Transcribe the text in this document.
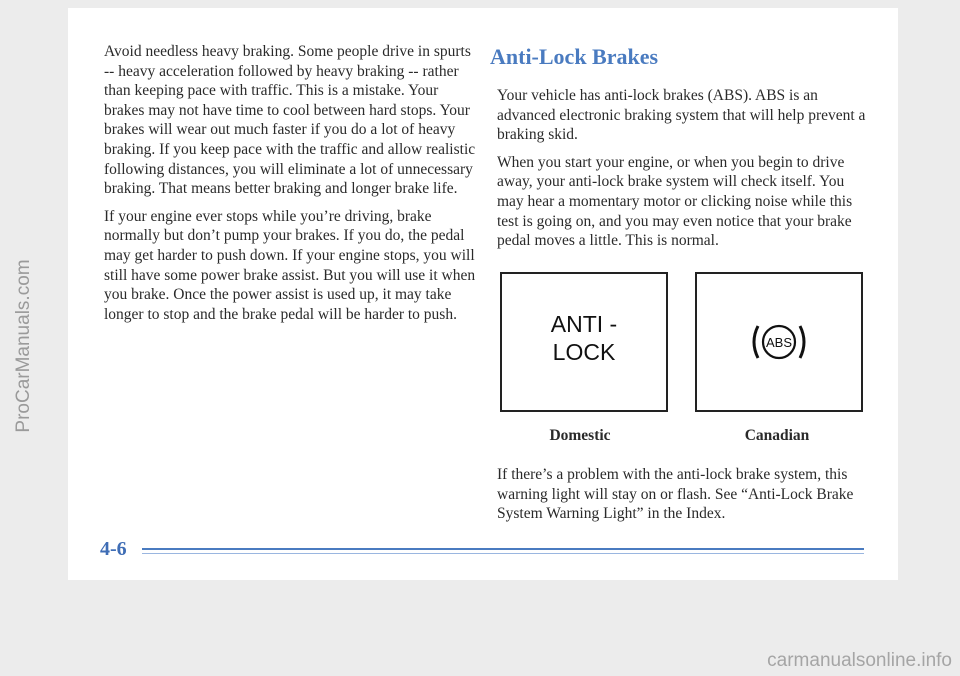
Avoid needless heavy braking. Some people drive in spurts -- heavy acceleration followed by heavy braking -- rather than keeping pace with traffic. This is a mistake. Your brakes may not have time to cool between hard stops. Your brakes will wear out much faster if you do a lot of heavy braking. If you keep pace with the traffic and allow realistic following distances, you will eliminate a lot of unnecessary braking. That means better braking and longer brake life.

If your engine ever stops while you’re driving, brake normally but don’t pump your brakes. If you do, the pedal may get harder to push down. If your engine stops, you will still have some power brake assist. But you will use it when you brake. Once the power assist is used up, it may take longer to stop and the brake pedal will be harder to push.

Anti-Lock Brakes

Your vehicle has anti-lock brakes (ABS). ABS is an advanced electronic braking system that will help prevent a braking skid.

When you start your engine, or when you begin to drive away, your anti-lock brake system will check itself. You may hear a momentary motor or clicking noise while this test is going on, and you may even notice that your brake pedal moves a little. This is normal.

ANTI -
LOCK	ABS
Domestic	Canadian

If there’s a problem with the anti-lock brake system, this warning light will stay on or flash. See “Anti-Lock Brake System Warning Light” in the Index.

4-6
ProCarManuals.com
carmanualsonline.info
